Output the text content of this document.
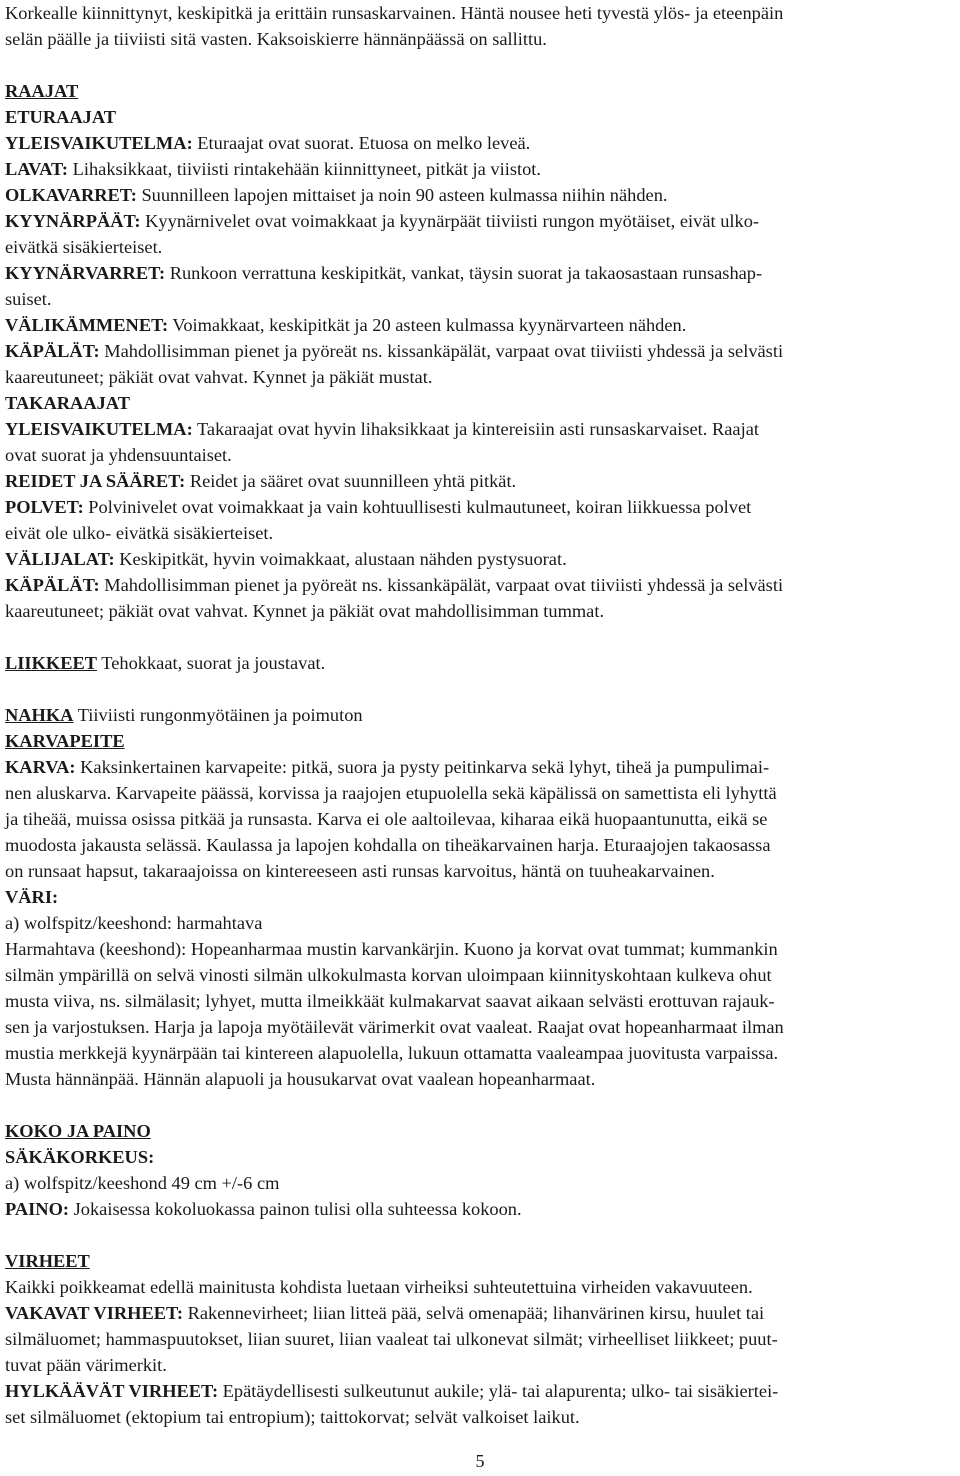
Korkealle kiinnittynyt, keskipitkä ja erittäin runsaskarvainen. Häntä nousee heti tyvestä ylös- ja eteenpäin

selän päälle ja tiiviisti sitä vasten. Kaksoiskierre hännänpäässä on sallittu.

RAAJAT

ETURAAJAT

YLEISVAIKUTELMA: Eturaajat ovat suorat. Etuosa on melko leveä.

LAVAT: Lihaksikkaat, tiiviisti rintakehään kiinnittyneet, pitkät ja viistot.

OLKAVARRET: Suunnilleen lapojen mittaiset ja noin 90 asteen kulmassa niihin nähden.

KYYNÄRPÄÄT: Kyynärnivelet ovat voimakkaat ja kyynärpäät tiiviisti rungon myötäiset, eivät ulko-

eivätkä sisäkierteiset.

KYYNÄRVARRET: Runkoon verrattuna keskipitkät, vankat, täysin suorat ja takaosastaan runsashap-

suiset.

VÄLIKÄMMENET: Voimakkaat, keskipitkät ja 20 asteen kulmassa kyynärvarteen nähden.

KÄPÄLÄT: Mahdollisimman pienet ja pyöreät ns. kissankäpälät, varpaat ovat tiiviisti yhdessä ja selvästi

kaareutuneet; päkiät ovat vahvat. Kynnet ja päkiät mustat.

TAKARAAJAT

YLEISVAIKUTELMA: Takaraajat ovat hyvin lihaksikkaat ja kintereisiin asti runsaskarvaiset. Raajat

ovat suorat ja yhdensuuntaiset.

REIDET JA SÄÄRET: Reidet ja sääret ovat suunnilleen yhtä pitkät.

POLVET: Polvinivelet ovat voimakkaat ja vain kohtuullisesti kulmautuneet, koiran liikkuessa polvet

eivät ole ulko- eivätkä sisäkierteiset.

VÄLIJALAT: Keskipitkät, hyvin voimakkaat, alustaan nähden pystysuorat.

KÄPÄLÄT: Mahdollisimman pienet ja pyöreät ns. kissankäpälät, varpaat ovat tiiviisti yhdessä ja selvästi

kaareutuneet; päkiät ovat vahvat. Kynnet ja päkiät ovat mahdollisimman tummat.

LIIKKEET Tehokkaat, suorat ja joustavat.

NAHKA Tiiviisti rungonmyötäinen ja poimuton

KARVAPEITE

KARVA: Kaksinkertainen karvapeite: pitkä, suora ja pysty peitinkarva sekä lyhyt, tiheä ja pumpulimai-

nen aluskarva. Karvapeite päässä, korvissa ja raajojen etupuolella sekä käpälissä on samettista eli lyhyttä

ja tiheää, muissa osissa pitkää ja runsasta. Karva ei ole aaltoilevaa, kiharaa eikä huopaantunutta, eikä se

muodosta jakausta selässä. Kaulassa ja lapojen kohdalla on tiheäkarvainen harja. Eturaajojen takaosassa

on runsaat hapsut, takaraajoissa on kintereeseen asti runsas karvoitus, häntä on tuuheakarvainen.

VÄRI:

a) wolfspitz/keeshond: harmahtava

Harmahtava (keeshond): Hopeanharmaa mustin karvankärjin. Kuono ja korvat ovat tummat; kummankin

silmän ympärillä on selvä vinosti silmän ulkokulmasta korvan uloimpaan kiinnityskohtaan kulkeva ohut

musta viiva, ns. silmälasit; lyhyet, mutta ilmeikkäät kulmakarvat saavat aikaan selvästi erottuvan rajauk-

sen ja varjostuksen. Harja ja lapoja myötäilevät värimerkit ovat vaaleat. Raajat ovat hopeanharmaat ilman

mustia merkkejä kyynärpään tai kintereen alapuolella, lukuun ottamatta vaaleampaa juovitusta varpaissa.

Musta hännänpää. Hännän alapuoli ja housukarvat ovat vaalean hopeanharmaat.

KOKO JA PAINO

SÄKÄKORKEUS:

a) wolfspitz/keeshond 49 cm +/-6 cm

PAINO: Jokaisessa kokoluokassa painon tulisi olla suhteessa kokoon.

VIRHEET

Kaikki poikkeamat edellä mainitusta kohdista luetaan virheiksi suhteutettuina virheiden vakavuuteen.

VAKAVAT VIRHEET: Rakennevirheet; liian litteä pää, selvä omenapää; lihanvärinen kirsu, huulet tai

silmäluomet; hammaspuutokset, liian suuret, liian vaaleat tai ulkonevat silmät; virheelliset liikkeet; puut-

tuvat pään värimerkit.

HYLKÄÄVÄT VIRHEET: Epätäydellisesti sulkeutunut aukile; ylä- tai alapurenta; ulko- tai sisäkiertei-

set silmäluomet (ektopium tai entropium); taittokorvat; selvät valkoiset laikut.

5
